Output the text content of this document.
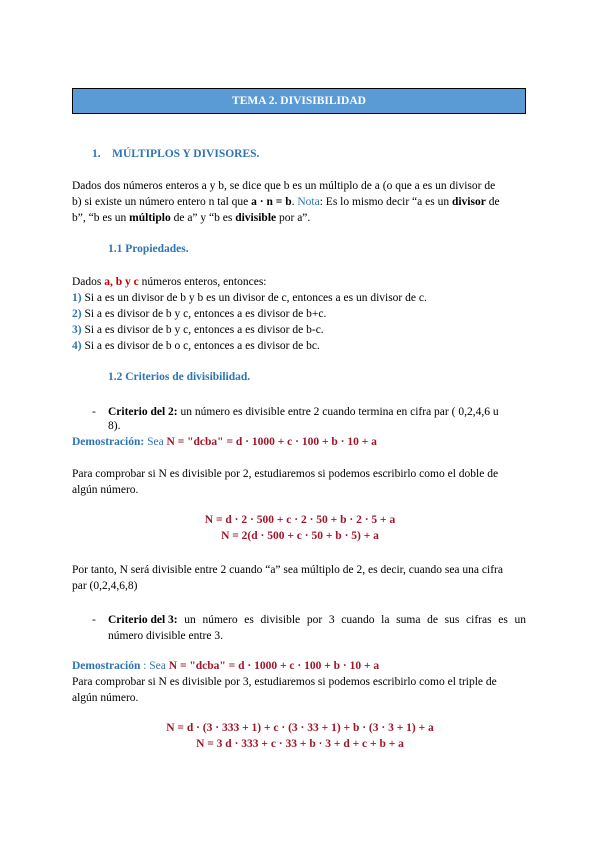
TEMA 2. DIVISIBILIDAD
1. MÚLTIPLOS Y DIVISORES.
Dados dos números enteros a y b, se dice que b es un múltiplo de a (o que a es un divisor de
b) si existe un número entero n tal que a · n = b. Nota: Es lo mismo decir “a es un divisor de
b”, “b es un múltiplo de a” y “b es divisible por a”.
1.1 Propiedades.
Dados a, b y c números enteros, entonces:
1) Si a es un divisor de b y b es un divisor de c, entonces a es un divisor de c.
2) Si a es divisor de b y c, entonces a es divisor de b+c.
3) Si a es divisor de b y c, entonces a es divisor de b-c.
4) Si a es divisor de b o c, entonces a es divisor de bc.
1.2 Criterios de divisibilidad.
- Criterio del 2: un número es divisible entre 2 cuando termina en cifra par ( 0,2,4,6 u
8).
Demostración: Sea N = "dcba" = d · 1000 + c · 100 + b · 10 + a
Para comprobar si N es divisible por 2, estudiaremos si podemos escribirlo como el doble de
algún número.
N = d · 2 · 500 + c · 2 · 50 + b · 2 · 5 + a
N = 2(d · 500 + c · 50 + b · 5) + a
Por tanto, N será divisible entre 2 cuando “a” sea múltiplo de 2, es decir, cuando sea una cifra
par (0,2,4,6,8)
- Criterio del 3: un número es divisible por 3 cuando la suma de sus cifras es un
número divisible entre 3.
Demostración : Sea N = "dcba" = d · 1000 + c · 100 + b · 10 + a
Para comprobar si N es divisible por 3, estudiaremos si podemos escribirlo como el triple de
algún número.
N = d · (3 · 333 + 1) + c · (3 · 33 + 1) + b · (3 · 3 + 1) + a
N = 3 d · 333 + c · 33 + b · 3 + d + c + b + a
